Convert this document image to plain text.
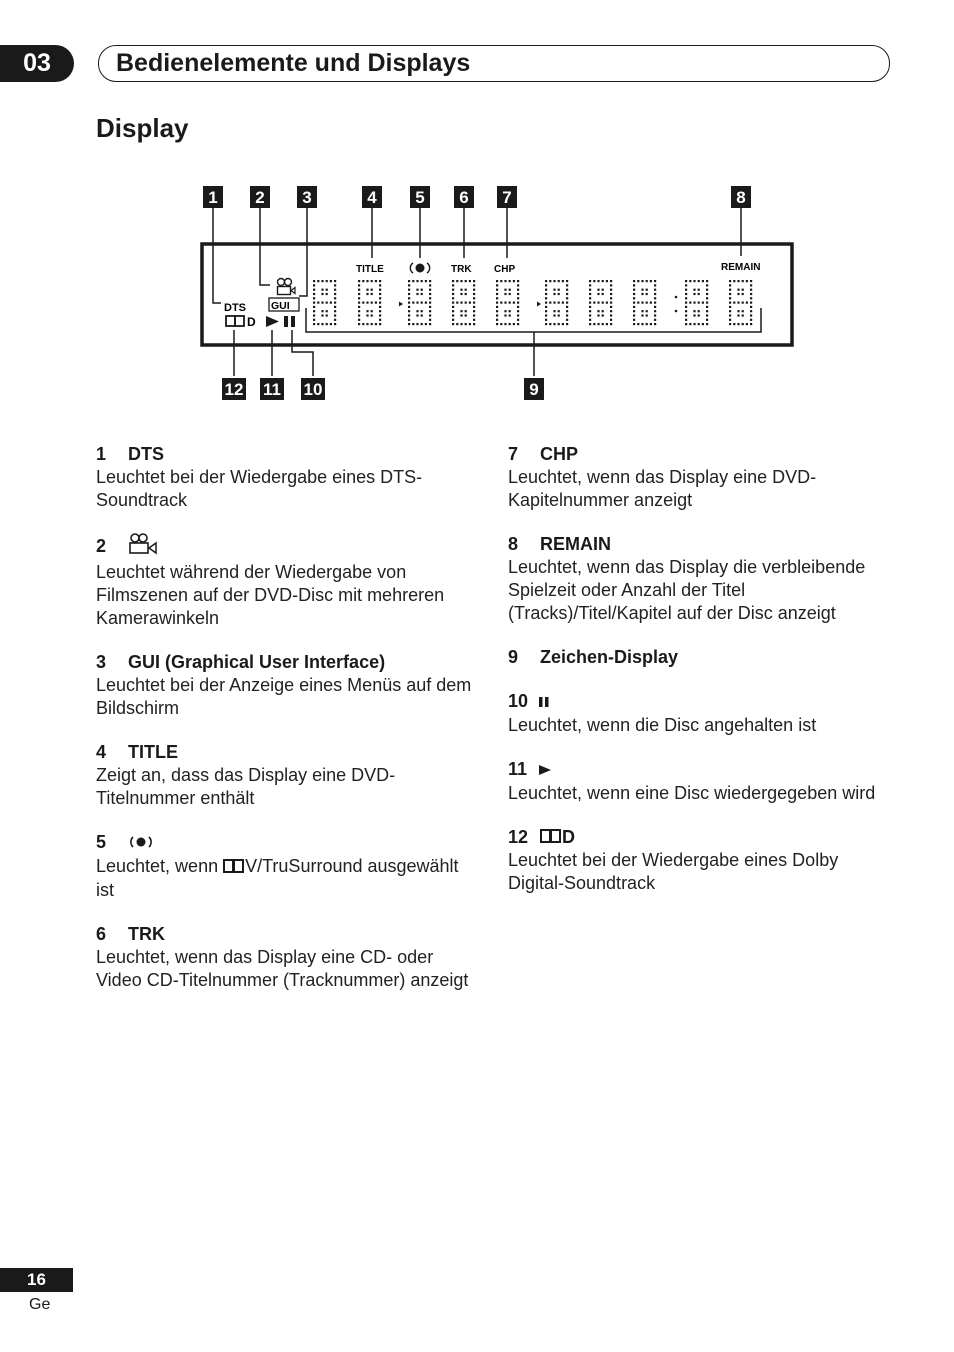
03	Bedienelemente und Displays
Display
1 2 3	4 5 6 7	8
12 11 10	9
DTS GUI
D
TITLE	TRK CHP	REMAIN
1 DTS
Leuchtet bei der Wiedergabe eines DTS-Soundtrack
2
Leuchtet während der Wiedergabe von Filmszenen auf der DVD-Disc mit mehreren Kamerawinkeln
3 GUI (Graphical User Interface)
Leuchtet bei der Anzeige eines Menüs auf dem Bildschirm
4 TITLE
Zeigt an, dass das Display eine DVD-Titelnummer enthält
5
Leuchtet, wenn V/TruSurround ausgewählt ist
6 TRK
Leuchtet, wenn das Display eine CD- oder Video CD-Titelnummer (Tracknummer) anzeigt
7 CHP
Leuchtet, wenn das Display eine DVD-Kapitelnummer anzeigt
8 REMAIN
Leuchtet, wenn das Display die verbleibende Spielzeit oder Anzahl der Titel (Tracks)/Titel/Kapitel auf der Disc anzeigt
9 Zeichen-Display
10
Leuchtet, wenn die Disc angehalten ist
11
Leuchtet, wenn eine Disc wiedergegeben wird
12 D
Leuchtet bei der Wiedergabe eines Dolby Digital-Soundtrack
16
Ge
